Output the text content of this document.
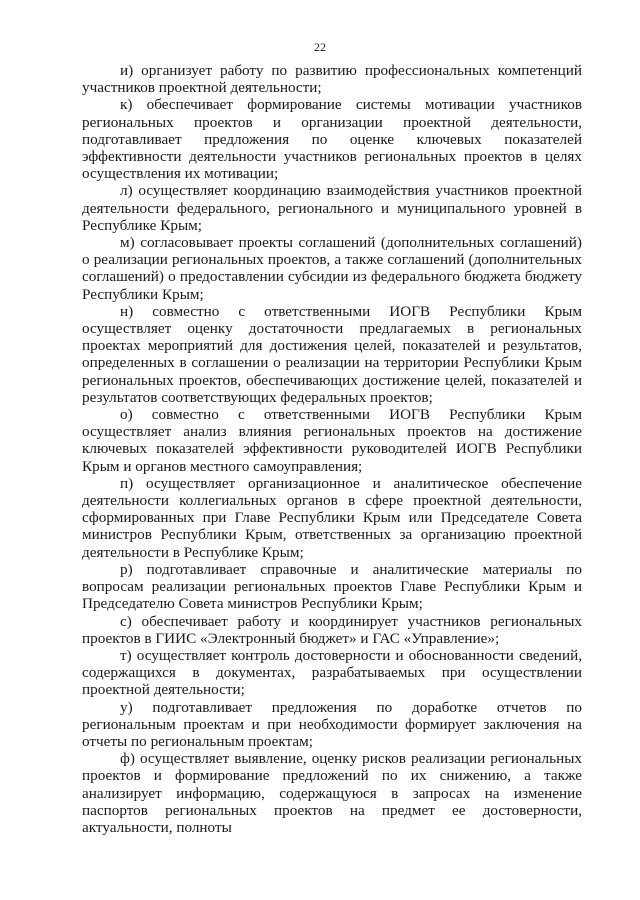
22

и) организует работу по развитию профессиональных компетенций участников проектной деятельности;

к) обеспечивает формирование системы мотивации участников региональных проектов и организации проектной деятельности, подготавливает предложения по оценке ключевых показателей эффективности деятельности участников региональных проектов в целях осуществления их мотивации;

л) осуществляет координацию взаимодействия участников проектной деятельности федерального, регионального и муниципального уровней в Республике Крым;

м) согласовывает проекты соглашений (дополнительных соглашений) о реализации региональных проектов, а также соглашений (дополнительных соглашений) о предоставлении субсидии из федерального бюджета бюджету Республики Крым;

н) совместно с ответственными ИОГВ Республики Крым осуществляет оценку достаточности предлагаемых в региональных проектах мероприятий для достижения целей, показателей и результатов, определенных в соглашении о реализации на территории Республики Крым региональных проектов, обеспечивающих достижение целей, показателей и результатов соответствующих федеральных проектов;

о) совместно с ответственными ИОГВ Республики Крым осуществляет анализ влияния региональных проектов на достижение ключевых показателей эффективности руководителей ИОГВ Республики Крым и органов местного самоуправления;

п) осуществляет организационное и аналитическое обеспечение деятельности коллегиальных органов в сфере проектной деятельности, сформированных при Главе Республики Крым или Председателе Совета министров Республики Крым, ответственных за организацию проектной деятельности в Республике Крым;

р) подготавливает справочные и аналитические материалы по вопросам реализации региональных проектов Главе Республики Крым и Председателю Совета министров Республики Крым;

с) обеспечивает работу и координирует участников региональных проектов в ГИИС «Электронный бюджет» и ГАС «Управление»;

т) осуществляет контроль достоверности и обоснованности сведений, содержащихся в документах, разрабатываемых при осуществлении проектной деятельности;

у) подготавливает предложения по доработке отчетов по региональным проектам и при необходимости формирует заключения на отчеты по региональным проектам;

ф) осуществляет выявление, оценку рисков реализации региональных проектов и формирование предложений по их снижению, а также анализирует информацию, содержащуюся в запросах на изменение паспортов региональных проектов на предмет ее достоверности, актуальности, полноты
